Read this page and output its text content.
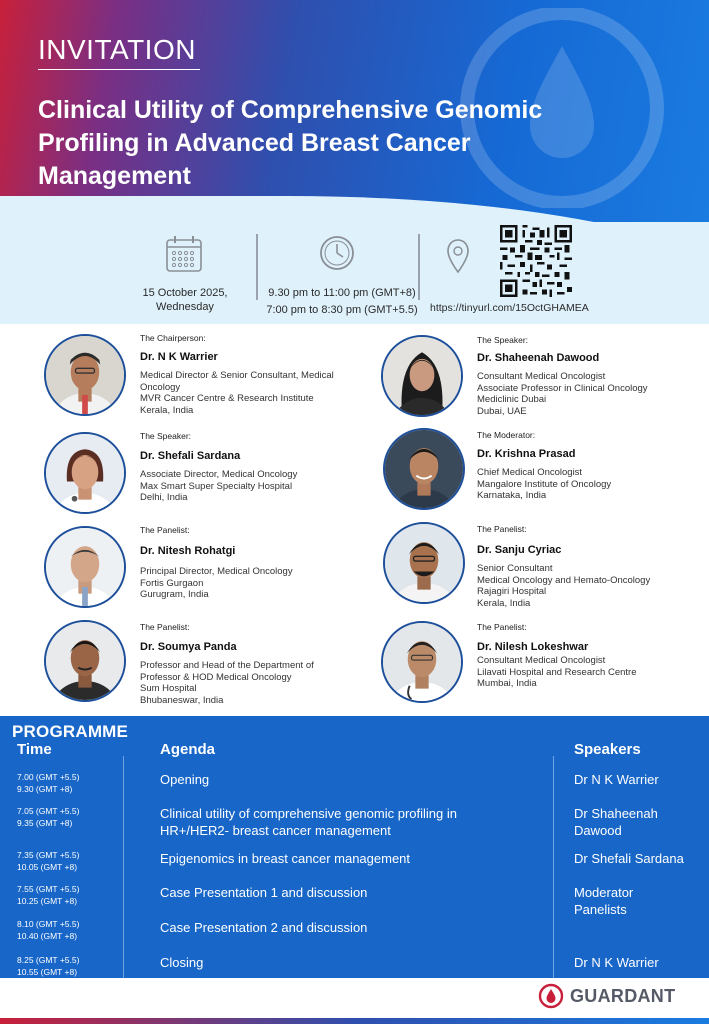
INVITATION
Clinical Utility of Comprehensive Genomic
Profiling in Advanced Breast Cancer
Management
15 October 2025,
Wednesday
9.30 pm to 11:00 pm (GMT+8)
7:00 pm to 8:30 pm (GMT+5.5)	https://tinyurl.com/15OctGHAMEA
The Chairperson:
Dr. N K Warrier
Medical Director & Senior Consultant, Medical
Oncology
MVR Cancer Centre & Research Institute
Kerala, India
The Speaker:
Dr. Shefali Sardana
Associate Director, Medical Oncology
Max Smart Super Specialty Hospital
Delhi, India
The Panelist:
Dr. Nitesh Rohatgi
Principal Director, Medical Oncology
Fortis Gurgaon
Gurugram, India
The Panelist:
Dr. Soumya Panda
Professor and Head of the Department of
Professor & HOD Medical Oncology
Sum Hospital
Bhubaneswar, India
The Speaker:
Dr. Shaheenah Dawood
Consultant Medical Oncologist
Associate Professor in Clinical Oncology
Mediclinic Dubai
Dubai, UAE
The Moderator:
Dr. Krishna Prasad
Chief Medical Oncologist
Mangalore Institute of Oncology
Karnataka, India
The Panelist:
Dr. Sanju Cyriac
Senior Consultant
Medical Oncology and Hemato-Oncology
Rajagiri Hospital
Kerala, India
The Panelist:
Dr. Nilesh Lokeshwar
Consultant Medical Oncologist
Lilavati Hospital and Research Centre
Mumbai, India
PROGRAMME
Time	Agenda	Speakers
7.00 (GMT +5.5)
9.30 (GMT +8)
Opening	Dr N K Warrier
7.05 (GMT +5.5)
9.35 (GMT +8)
Clinical utility of comprehensive genomic profiling in HR+/HER2- breast cancer management
Dr Shaheenah Dawood
7.35 (GMT +5.5)
10.05 (GMT +8)
Epigenomics in breast cancer management	Dr Shefali Sardana
7.55 (GMT +5.5)
10.25 (GMT +8)
Case Presentation 1 and discussion	Moderator Panelists
8.10 (GMT +5.5)
10.40 (GMT +8)
Case Presentation 2 and discussion
8.25 (GMT +5.5)
10.55 (GMT +8)
Closing	Dr N K Warrier
GUARDANT
